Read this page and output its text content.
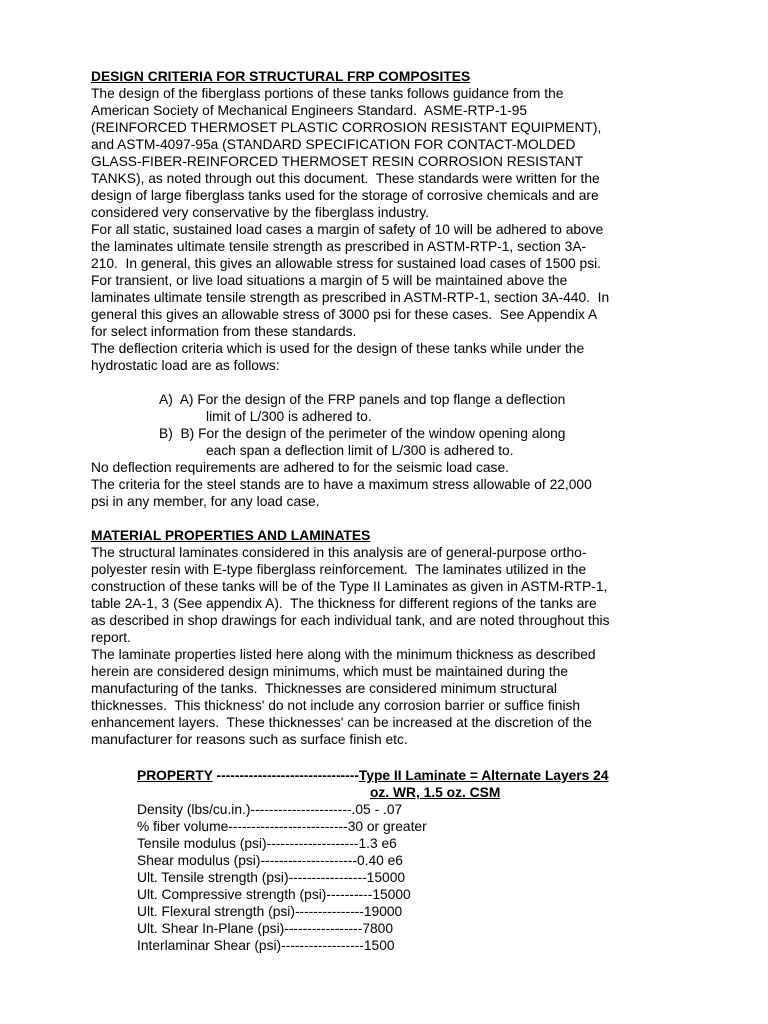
DESIGN CRITERIA FOR STRUCTURAL FRP COMPOSITES
The design of the fiberglass portions of these tanks follows guidance from the
American Society of Mechanical Engineers Standard.  ASME-RTP-1-95
(REINFORCED THERMOSET PLASTIC CORROSION RESISTANT EQUIPMENT),
and ASTM-4097-95a (STANDARD SPECIFICATION FOR CONTACT-MOLDED
GLASS-FIBER-REINFORCED THERMOSET RESIN CORROSION RESISTANT
TANKS), as noted through out this document.  These standards were written for the
design of large fiberglass tanks used for the storage of corrosive chemicals and are
considered very conservative by the fiberglass industry.
For all static, sustained load cases a margin of safety of 10 will be adhered to above
the laminates ultimate tensile strength as prescribed in ASTM-RTP-1, section 3A-
210.  In general, this gives an allowable stress for sustained load cases of 1500 psi.
For transient, or live load situations a margin of 5 will be maintained above the
laminates ultimate tensile strength as prescribed in ASTM-RTP-1, section 3A-440.  In
general this gives an allowable stress of 3000 psi for these cases.  See Appendix A
for select information from these standards.
The deflection criteria which is used for the design of these tanks while under the
hydrostatic load are as follows:
A)  A) For the design of the FRP panels and top flange a deflection
limit of L/300 is adhered to.
B)  B) For the design of the perimeter of the window opening along
each span a deflection limit of L/300 is adhered to.
No deflection requirements are adhered to for the seismic load case.
The criteria for the steel stands are to have a maximum stress allowable of 22,000
psi in any member, for any load case.
MATERIAL PROPERTIES AND LAMINATES
The structural laminates considered in this analysis are of general-purpose ortho-
polyester resin with E-type fiberglass reinforcement.  The laminates utilized in the
construction of these tanks will be of the Type II Laminates as given in ASTM-RTP-1,
table 2A-1, 3 (See appendix A).  The thickness for different regions of the tanks are
as described in shop drawings for each individual tank, and are noted throughout this
report.
The laminate properties listed here along with the minimum thickness as described
herein are considered design minimums, which must be maintained during the
manufacturing of the tanks.  Thicknesses are considered minimum structural
thicknesses.  This thickness' do not include any corrosion barrier or suffice finish
enhancement layers.  These thicknesses' can be increased at the discretion of the
manufacturer for reasons such as surface finish etc.
PROPERTY -------------------------------Type II Laminate = Alternate Layers 24
oz. WR, 1.5 oz. CSM
Density (lbs/cu.in.)----------------------.05 - .07
% fiber volume--------------------------30 or greater
Tensile modulus (psi)--------------------1.3 e6
Shear modulus (psi)---------------------0.40 e6
Ult. Tensile strength (psi)-----------------15000
Ult. Compressive strength (psi)----------15000
Ult. Flexural strength (psi)---------------19000
Ult. Shear In-Plane (psi)-----------------7800
Interlaminar Shear (psi)------------------1500
